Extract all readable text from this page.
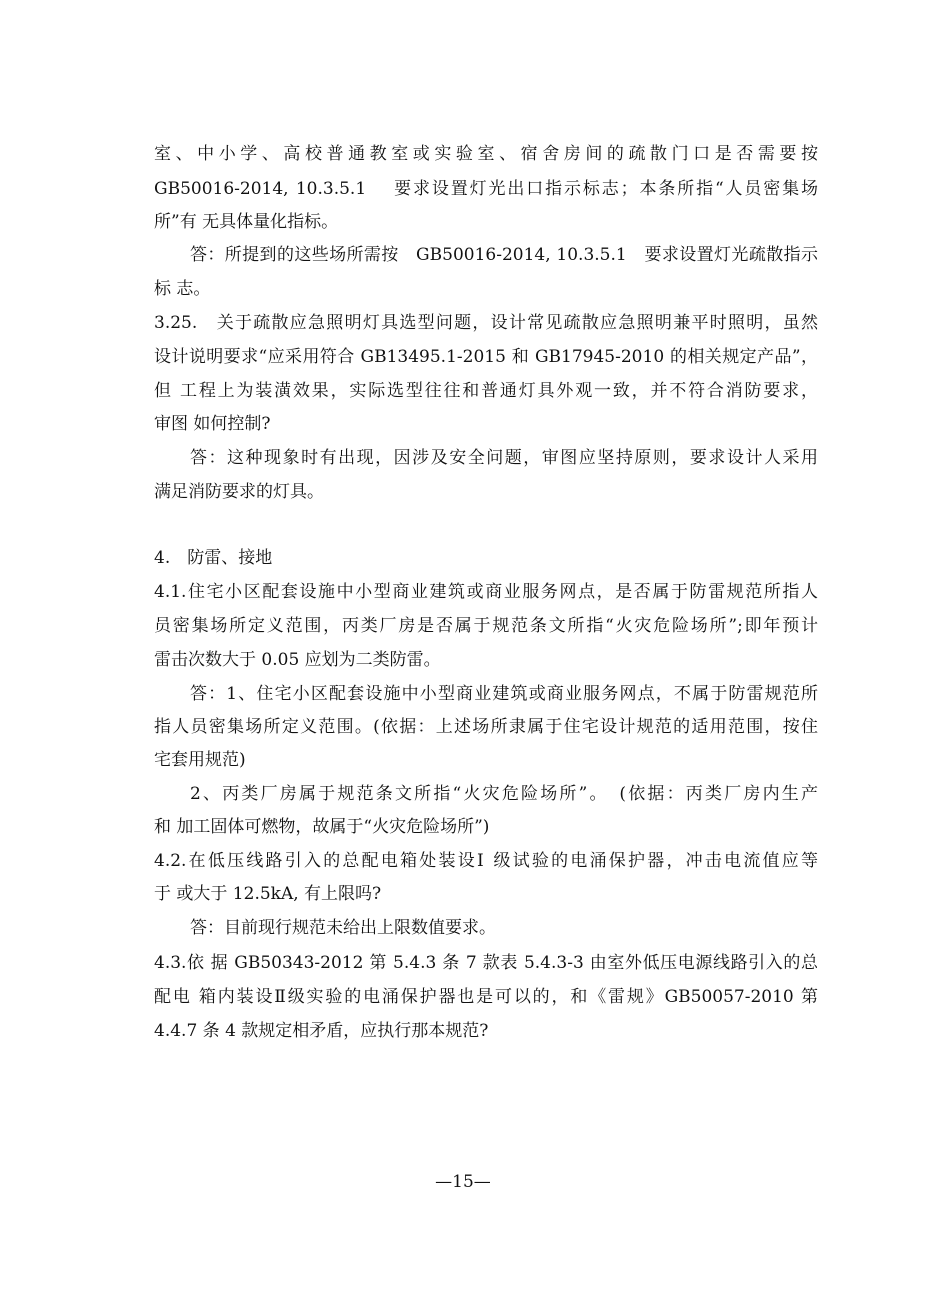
室、中小学、高校普通教室或实验室、宿舍房间的疏散门口是否需要按
GB50016-2014, 10.3.5.1　 要求设置灯光出口指示标志；本条所指“人员密集场
所”有 无具体量化指标。
答：所提到的这些场所需按　GB50016-2014, 10.3.5.1　要求设置灯光疏散指示
标 志。
3.25.　关于疏散应急照明灯具选型问题，设计常见疏散应急照明兼平时照明，虽然
设计说明要求“应采用符合 GB13495.1-2015 和 GB17945-2010 的相关规定产品”，
但 工程上为装潢效果，实际选型往往和普通灯具外观一致，并不符合消防要求，
审图 如何控制?
答：这种现象时有出现，因涉及安全问题，审图应坚持原则，要求设计人采用
满足消防要求的灯具。
4.　防雷、接地
4.1.住宅小区配套设施中小型商业建筑或商业服务网点，是否属于防雷规范所指人
员密集场所定义范围，丙类厂房是否属于规范条文所指“火灾危险场所”;即年预计
雷击次数大于 0.05 应划为二类防雷。
答：1、住宅小区配套设施中小型商业建筑或商业服务网点，不属于防雷规范所
指人员密集场所定义范围。(依据：上述场所隶属于住宅设计规范的适用范围，按住
宅套用规范)
2、丙类厂房属于规范条文所指“火灾危险场所”。　(依据：丙类厂房内生产
和 加工固体可燃物，故属于“火灾危险场所”)
4.2.在低压线路引入的总配电箱处装设Ⅰ 级试验的电涌保护器，冲击电流值应等
于 或大于 12.5kA, 有上限吗?
答：目前现行规范未给出上限数值要求。
4.3.依 据 GB50343-2012 第 5.4.3 条 7 款表 5.4.3-3 由室外低压电源线路引入的总
配电 箱内装设Ⅱ级实验的电涌保护器也是可以的，和《雷规》GB50057-2010 第
4.4.7 条 4 款规定相矛盾，应执行那本规范?
—15—
